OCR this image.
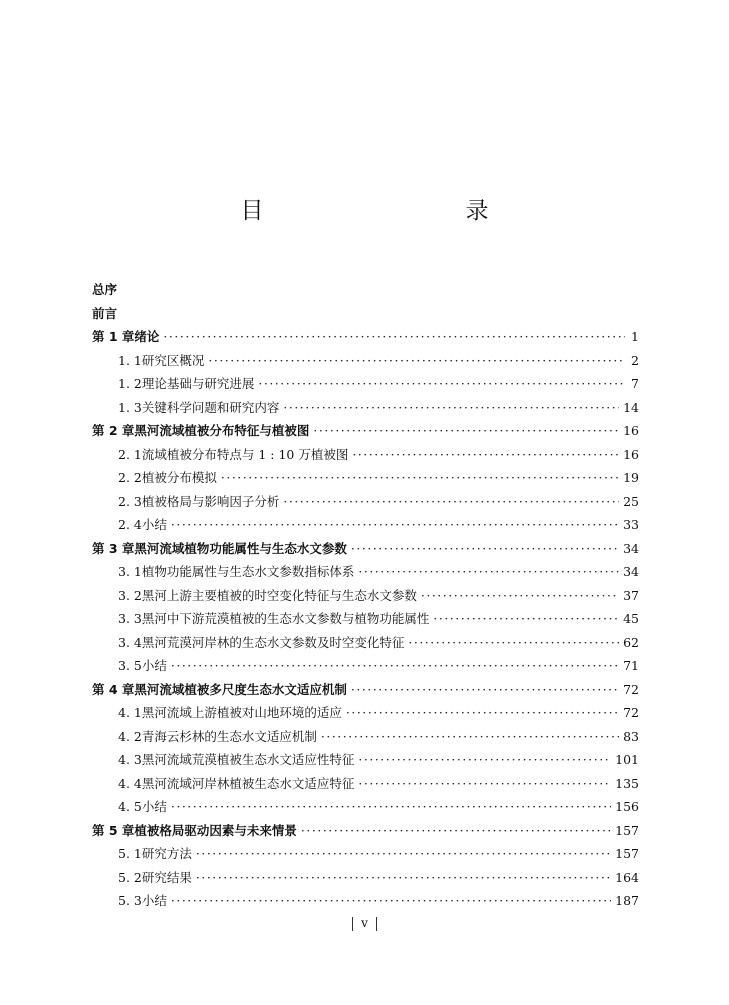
目　　录
总序
前言
第 1 章 绪论 ·····	1
1. 1 研究区概况 ·····	2
1. 2 理论基础与研究进展 ·····	7
1. 3 关键科学问题和研究内容 ·····	14
第 2 章 黑河流域植被分布特征与植被图 ·····	16
2. 1 流域植被分布特点与 1 : 10 万植被图 ·····	16
2. 2 植被分布模拟 ·····	19
2. 3 植被格局与影响因子分析 ·····	25
2. 4 小结 ·····	33
第 3 章 黑河流域植物功能属性与生态水文参数 ·····	34
3. 1 植物功能属性与生态水文参数指标体系 ·····	34
3. 2 黑河上游主要植被的时空变化特征与生态水文参数 ·····	37
3. 3 黑河中下游荒漠植被的生态水文参数与植物功能属性 ·····	45
3. 4 黑河荒漠河岸林的生态水文参数及时空变化特征 ·····	62
3. 5 小结 ·····	71
第 4 章 黑河流域植被多尺度生态水文适应机制 ·····	72
4. 1 黑河流域上游植被对山地环境的适应 ·····	72
4. 2 青海云杉林的生态水文适应机制 ·····	83
4. 3 黑河流域荒漠植被生态水文适应性特征 ·····	101
4. 4 黑河流域河岸林植被生态水文适应特征 ·····	135
4. 5 小结 ·····	156
第 5 章 植被格局驱动因素与未来情景 ·····	157
5. 1 研究方法 ·····	157
5. 2 研究结果 ·····	164
5. 3 小结 ·····	187
v
